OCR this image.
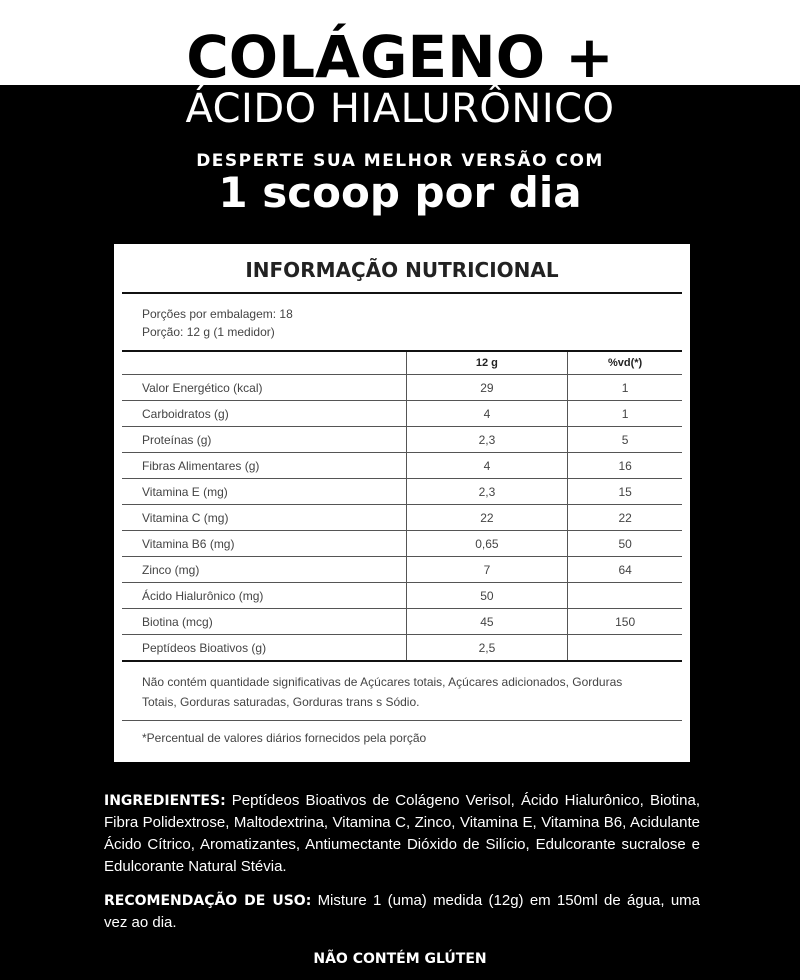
COLÁGENO +
ÁCIDO HIALURÔNICO
DESPERTE SUA MELHOR VERSÃO COM
1 scoop por dia
INFORMAÇÃO NUTRICIONAL
Porções por embalagem: 18
Porção: 12 g (1 medidor)
	12 g	%vd(*)
Valor Energético (kcal)	29	1
Carboidratos (g)	4	1
Proteínas (g)	2,3	5
Fibras Alimentares (g)	4	16
Vitamina E (mg)	2,3	15
Vitamina C (mg)	22	22
Vitamina B6 (mg)	0,65	50
Zinco (mg)	7	64
Ácido Hialurônico (mg)	50	
Biotina (mcg)	45	150
Peptídeos Bioativos (g)	2,5	
Não contém quantidade significativas de Açúcares totais, Açúcares adicionados, Gorduras Totais, Gorduras saturadas, Gorduras trans s Sódio.
*Percentual de valores diários fornecidos pela porção
INGREDIENTES: Peptídeos Bioativos de Colágeno Verisol, Ácido Hialurônico, Biotina, Fibra Polidextrose, Maltodextrina, Vitamina C, Zinco, Vitamina E, Vitamina B6, Acidulante Ácido Cítrico, Aromatizantes, Antiumectante Dióxido de Silício, Edulcorante sucralose e Edulcorante Natural Stévia.
RECOMENDAÇÃO DE USO: Misture 1 (uma) medida (12g) em 150ml de água, uma vez ao dia.
NÃO CONTÉM GLÚTEN
